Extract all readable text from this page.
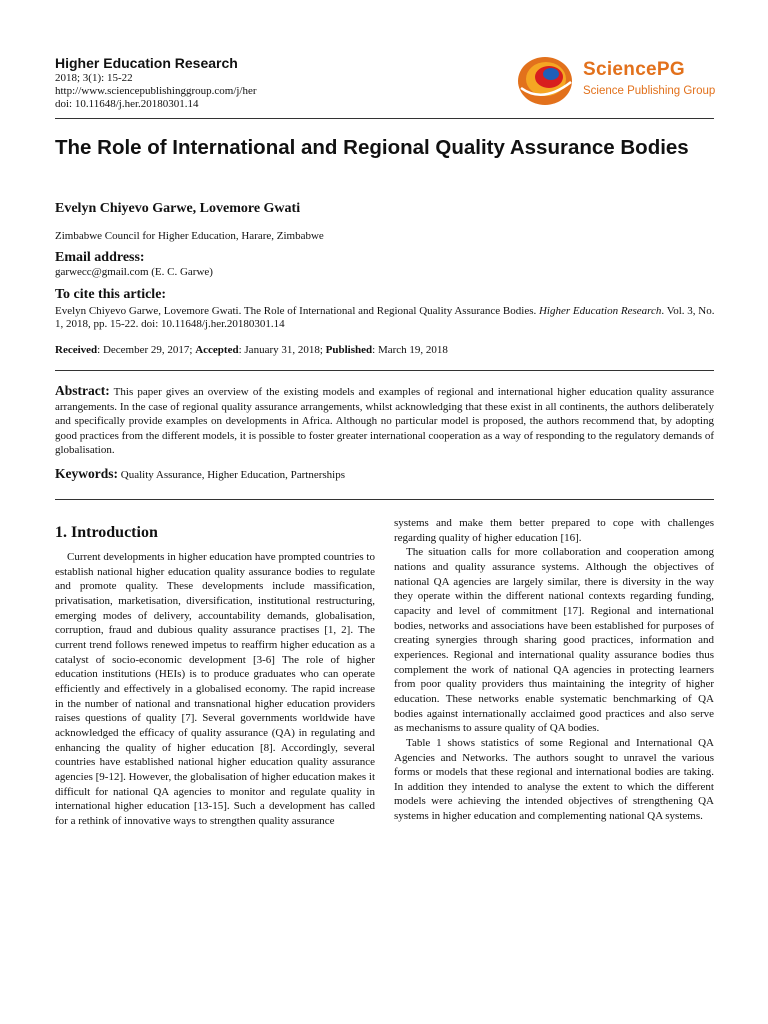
Higher Education Research
2018; 3(1): 15-22
http://www.sciencepublishinggroup.com/j/her
doi: 10.11648/j.her.20180301.14
SciencePG
Science Publishing Group
The Role of International and Regional Quality Assurance Bodies
Evelyn Chiyevo Garwe, Lovemore Gwati
Zimbabwe Council for Higher Education, Harare, Zimbabwe
Email address:
garwecc@gmail.com (E. C. Garwe)
To cite this article:
Evelyn Chiyevo Garwe, Lovemore Gwati. The Role of International and Regional Quality Assurance Bodies. Higher Education Research. Vol. 3, No. 1, 2018, pp. 15-22. doi: 10.11648/j.her.20180301.14
Received: December 29, 2017; Accepted: January 31, 2018; Published: March 19, 2018
Abstract: This paper gives an overview of the existing models and examples of regional and international higher education quality assurance arrangements. In the case of regional quality assurance arrangements, whilst acknowledging that these exist in all continents, the authors deliberately and specifically provide examples on developments in Africa. Although no particular model is proposed, the authors recommend that, by adopting good practices from the different models, it is possible to foster greater international cooperation as a way of responding to the regulatory demands of globalisation.
Keywords: Quality Assurance, Higher Education, Partnerships
1. Introduction

Current developments in higher education have prompted countries to establish national higher education quality assurance bodies to regulate and promote quality. These developments include massification, privatisation, marketisation, diversification, institutional restructuring, emerging modes of delivery, accountability demands, globalisation, corruption, fraud and dubious quality assurance practises [1, 2]. The current trend follows renewed impetus to reaffirm higher education as a catalyst of socio-economic development [3-6] The role of higher education institutions (HEIs) is to produce graduates who can operate efficiently and effectively in a globalised economy. The rapid increase in the number of national and transnational higher education providers raises questions of quality [7]. Several governments worldwide have acknowledged the efficacy of quality assurance (QA) in regulating and enhancing the quality of higher education [8]. Accordingly, several countries have established national higher education quality assurance agencies [9-12]. However, the globalisation of higher education makes it difficult for national QA agencies to monitor and regulate quality in international higher education [13-15]. Such a development has called for a rethink of innovative ways to strengthen quality assurance

systems and make them better prepared to cope with challenges regarding quality of higher education [16].

The situation calls for more collaboration and cooperation among nations and quality assurance systems. Although the objectives of national QA agencies are largely similar, there is diversity in the way they operate within the different national contexts regarding funding, capacity and level of commitment [17]. Regional and international bodies, networks and associations have been established for purposes of creating synergies through sharing good practices, information and experiences. Regional and international quality assurance bodies thus complement the work of national QA agencies in protecting learners from poor quality providers thus maintaining the integrity of higher education. These networks enable systematic benchmarking of QA bodies against internationally acclaimed good practices and also serve as mechanisms to assure quality of QA bodies.

Table 1 shows statistics of some Regional and International QA Agencies and Networks. The authors sought to unravel the various forms or models that these regional and international bodies are taking. In addition they intended to analyse the extent to which the different models were achieving the intended objectives of strengthening QA systems in higher education and complementing national QA systems.
